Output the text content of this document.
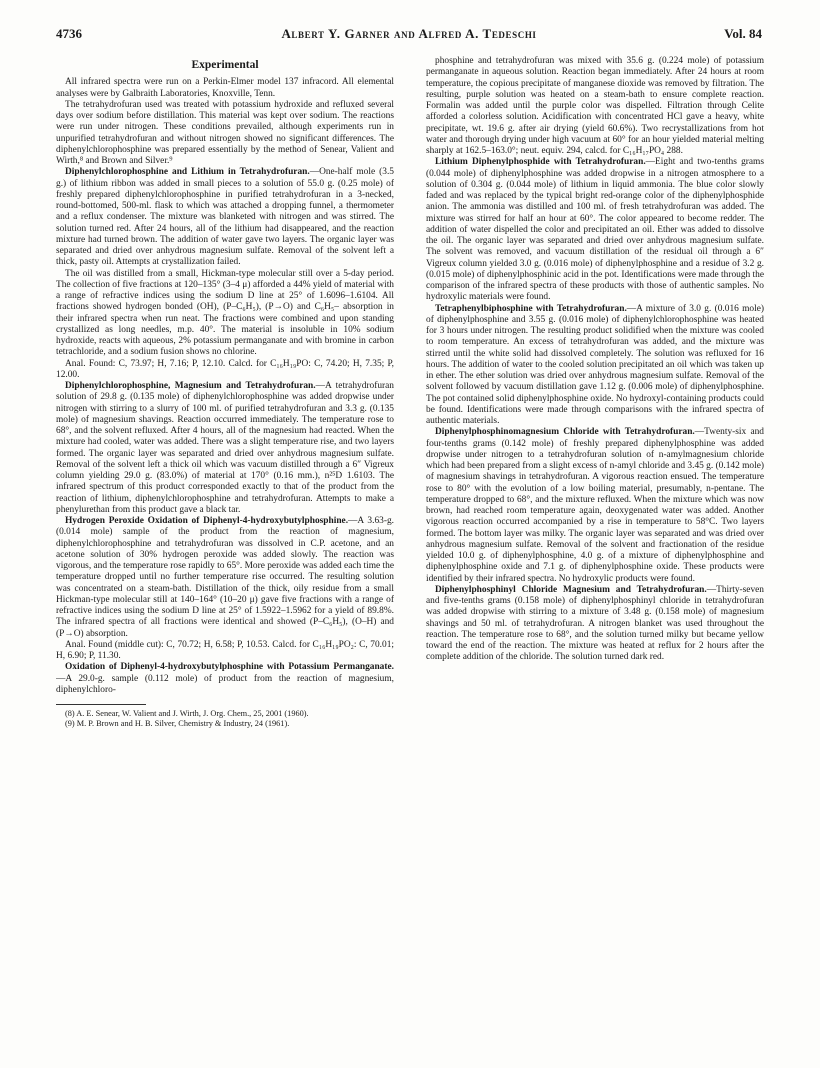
4736	Albert Y. Garner and Alfred A. Tedeschi	Vol. 84
Experimental

All infrared spectra were run on a Perkin-Elmer model 137 infracord. All elemental analyses were by Galbraith Laboratories, Knoxville, Tenn.

The tetrahydrofuran used was treated with potassium hydroxide and refluxed several days over sodium before distillation. This material was kept over sodium. The reactions were run under nitrogen. These conditions prevailed, although experiments run in unpurified tetrahydrofuran and without nitrogen showed no significant differences. The diphenylchlorophosphine was prepared essentially by the method of Senear, Valient and Wirth,⁸ and Brown and Silver.⁹

Diphenylchlorophosphine and Lithium in Tetrahydrofuran.—One-half mole (3.5 g.) of lithium ribbon was added in small pieces to a solution of 55.0 g. (0.25 mole) of freshly prepared diphenylchlorophosphine in purified tetrahydrofuran in a 3-necked, round-bottomed, 500-ml. flask to which was attached a dropping funnel, a thermometer and a reflux condenser. The mixture was blanketed with nitrogen and was stirred. The solution turned red. After 24 hours, all of the lithium had disappeared, and the reaction mixture had turned brown. The addition of water gave two layers. The organic layer was separated and dried over anhydrous magnesium sulfate. Removal of the solvent left a thick, pasty oil. Attempts at crystallization failed.

The oil was distilled from a small, Hickman-type molecular still over a 5-day period. The collection of five fractions at 120–135° (3–4 μ) afforded a 44% yield of material with a range of refractive indices using the sodium D line at 25° of 1.6096–1.6104. All fractions showed hydrogen bonded (OH), (P–C₆H₅), (P→O) and C₆H₅– absorption in their infrared spectra when run neat. The fractions were combined and upon standing crystallized as long needles, m.p. 40°. The material is insoluble in 10% sodium hydroxide, reacts with aqueous, 2% potassium permanganate and with bromine in carbon tetrachloride, and a sodium fusion shows no chlorine.

Anal. Found: C, 73.97; H, 7.16; P, 12.10. Calcd. for C₁₆H₁₉PO: C, 74.20; H, 7.35; P, 12.00.

Diphenylchlorophosphine, Magnesium and Tetrahydrofuran.—A tetrahydrofuran solution of 29.8 g. (0.135 mole) of diphenylchlorophosphine was added dropwise under nitrogen with stirring to a slurry of 100 ml. of purified tetrahydrofuran and 3.3 g. (0.135 mole) of magnesium shavings. Reaction occurred immediately. The temperature rose to 68°, and the solvent refluxed. After 4 hours, all of the magnesium had reacted. When the mixture had cooled, water was added. There was a slight temperature rise, and two layers formed. The organic layer was separated and dried over anhydrous magnesium sulfate. Removal of the solvent left a thick oil which was vacuum distilled through a 6″ Vigreux column yielding 29.0 g. (83.0%) of material at 170° (0.16 mm.), n²⁵D 1.6103. The infrared spectrum of this product corresponded exactly to that of the product from the reaction of lithium, diphenylchlorophosphine and tetrahydrofuran. Attempts to make a phenylurethan from this product gave a black tar.

Hydrogen Peroxide Oxidation of Diphenyl-4-hydroxybutylphosphine.—A 3.63-g. (0.014 mole) sample of the product from the reaction of magnesium, diphenylchlorophosphine and tetrahydrofuran was dissolved in C.P. acetone, and an acetone solution of 30% hydrogen peroxide was added slowly. The reaction was vigorous, and the temperature rose rapidly to 65°. More peroxide was added each time the temperature dropped until no further temperature rise occurred. The resulting solution was concentrated on a steam-bath. Distillation of the thick, oily residue from a small Hickman-type molecular still at 140–164° (10–20 μ) gave five fractions with a range of refractive indices using the sodium D line at 25° of 1.5922–1.5962 for a yield of 89.8%. The infrared spectra of all fractions were identical and showed (P–C₆H₅), (O–H) and (P→O) absorption.

Anal. Found (middle cut): C, 70.72; H, 6.58; P, 10.53. Calcd. for C₁₆H₁₉PO₂: C, 70.01; H, 6.90; P, 11.30.

Oxidation of Diphenyl-4-hydroxybutylphosphine with Potassium Permanganate.—A 29.0-g. sample (0.112 mole) of product from the reaction of magnesium, diphenylchloro-

(8) A. E. Senear, W. Valient and J. Wirth, J. Org. Chem., 25, 2001 (1960).
(9) M. P. Brown and H. B. Silver, Chemistry & Industry, 24 (1961).

phosphine and tetrahydrofuran was mixed with 35.6 g. (0.224 mole) of potassium permanganate in aqueous solution. Reaction began immediately. After 24 hours at room temperature, the copious precipitate of manganese dioxide was removed by filtration. The resulting, purple solution was heated on a steam-bath to ensure complete reaction. Formalin was added until the purple color was dispelled. Filtration through Celite afforded a colorless solution. Acidification with concentrated HCl gave a heavy, white precipitate, wt. 19.6 g. after air drying (yield 60.6%). Two recrystallizations from hot water and thorough drying under high vacuum at 60° for an hour yielded material melting sharply at 162.5–163.0°; neut. equiv. 294, calcd. for C₁₆H₁₇PO₄ 288.

Lithium Diphenylphosphide with Tetrahydrofuran.—Eight and two-tenths grams (0.044 mole) of diphenylphosphine was added dropwise in a nitrogen atmosphere to a solution of 0.304 g. (0.044 mole) of lithium in liquid ammonia. The blue color slowly faded and was replaced by the typical bright red-orange color of the diphenylphosphide anion. The ammonia was distilled and 100 ml. of fresh tetrahydrofuran was added. The mixture was stirred for half an hour at 60°. The color appeared to become redder. The addition of water dispelled the color and precipitated an oil. Ether was added to dissolve the oil. The organic layer was separated and dried over anhydrous magnesium sulfate. The solvent was removed, and vacuum distillation of the residual oil through a 6″ Vigreux column yielded 3.0 g. (0.016 mole) of diphenylphosphine and a residue of 3.2 g. (0.015 mole) of diphenylphosphinic acid in the pot. Identifications were made through the comparison of the infrared spectra of these products with those of authentic samples. No hydroxylic materials were found.

Tetraphenylbiphosphine with Tetrahydrofuran.—A mixture of 3.0 g. (0.016 mole) of diphenylphosphine and 3.55 g. (0.016 mole) of diphenylchlorophosphine was heated for 3 hours under nitrogen. The resulting product solidified when the mixture was cooled to room temperature. An excess of tetrahydrofuran was added, and the mixture was stirred until the white solid had dissolved completely. The solution was refluxed for 16 hours. The addition of water to the cooled solution precipitated an oil which was taken up in ether. The ether solution was dried over anhydrous magnesium sulfate. Removal of the solvent followed by vacuum distillation gave 1.12 g. (0.006 mole) of diphenylphosphine. The pot contained solid diphenylphosphine oxide. No hydroxyl-containing products could be found. Identifications were made through comparisons with the infrared spectra of authentic materials.

Diphenylphosphinomagnesium Chloride with Tetrahydrofuran.—Twenty-six and four-tenths grams (0.142 mole) of freshly prepared diphenylphosphine was added dropwise under nitrogen to a tetrahydrofuran solution of n-amylmagnesium chloride which had been prepared from a slight excess of n-amyl chloride and 3.45 g. (0.142 mole) of magnesium shavings in tetrahydrofuran. A vigorous reaction ensued. The temperature rose to 80° with the evolution of a low boiling material, presumably, n-pentane. The temperature dropped to 68°, and the mixture refluxed. When the mixture which was now brown, had reached room temperature again, deoxygenated water was added. Another vigorous reaction occurred accompanied by a rise in temperature to 58°C. Two layers formed. The bottom layer was milky. The organic layer was separated and was dried over anhydrous magnesium sulfate. Removal of the solvent and fractionation of the residue yielded 10.0 g. of diphenylphosphine, 4.0 g. of a mixture of diphenylphosphine and diphenylphosphine oxide and 7.1 g. of diphenylphosphine oxide. These products were identified by their infrared spectra. No hydroxylic products were found.

Diphenylphosphinyl Chloride Magnesium and Tetrahydrofuran.—Thirty-seven and five-tenths grams (0.158 mole) of diphenylphosphinyl chloride in tetrahydrofuran was added dropwise with stirring to a mixture of 3.48 g. (0.158 mole) of magnesium shavings and 50 ml. of tetrahydrofuran. A nitrogen blanket was used throughout the reaction. The temperature rose to 68°, and the solution turned milky but became yellow toward the end of the reaction. The mixture was heated at reflux for 2 hours after the complete addition of the chloride. The solution turned dark red.
